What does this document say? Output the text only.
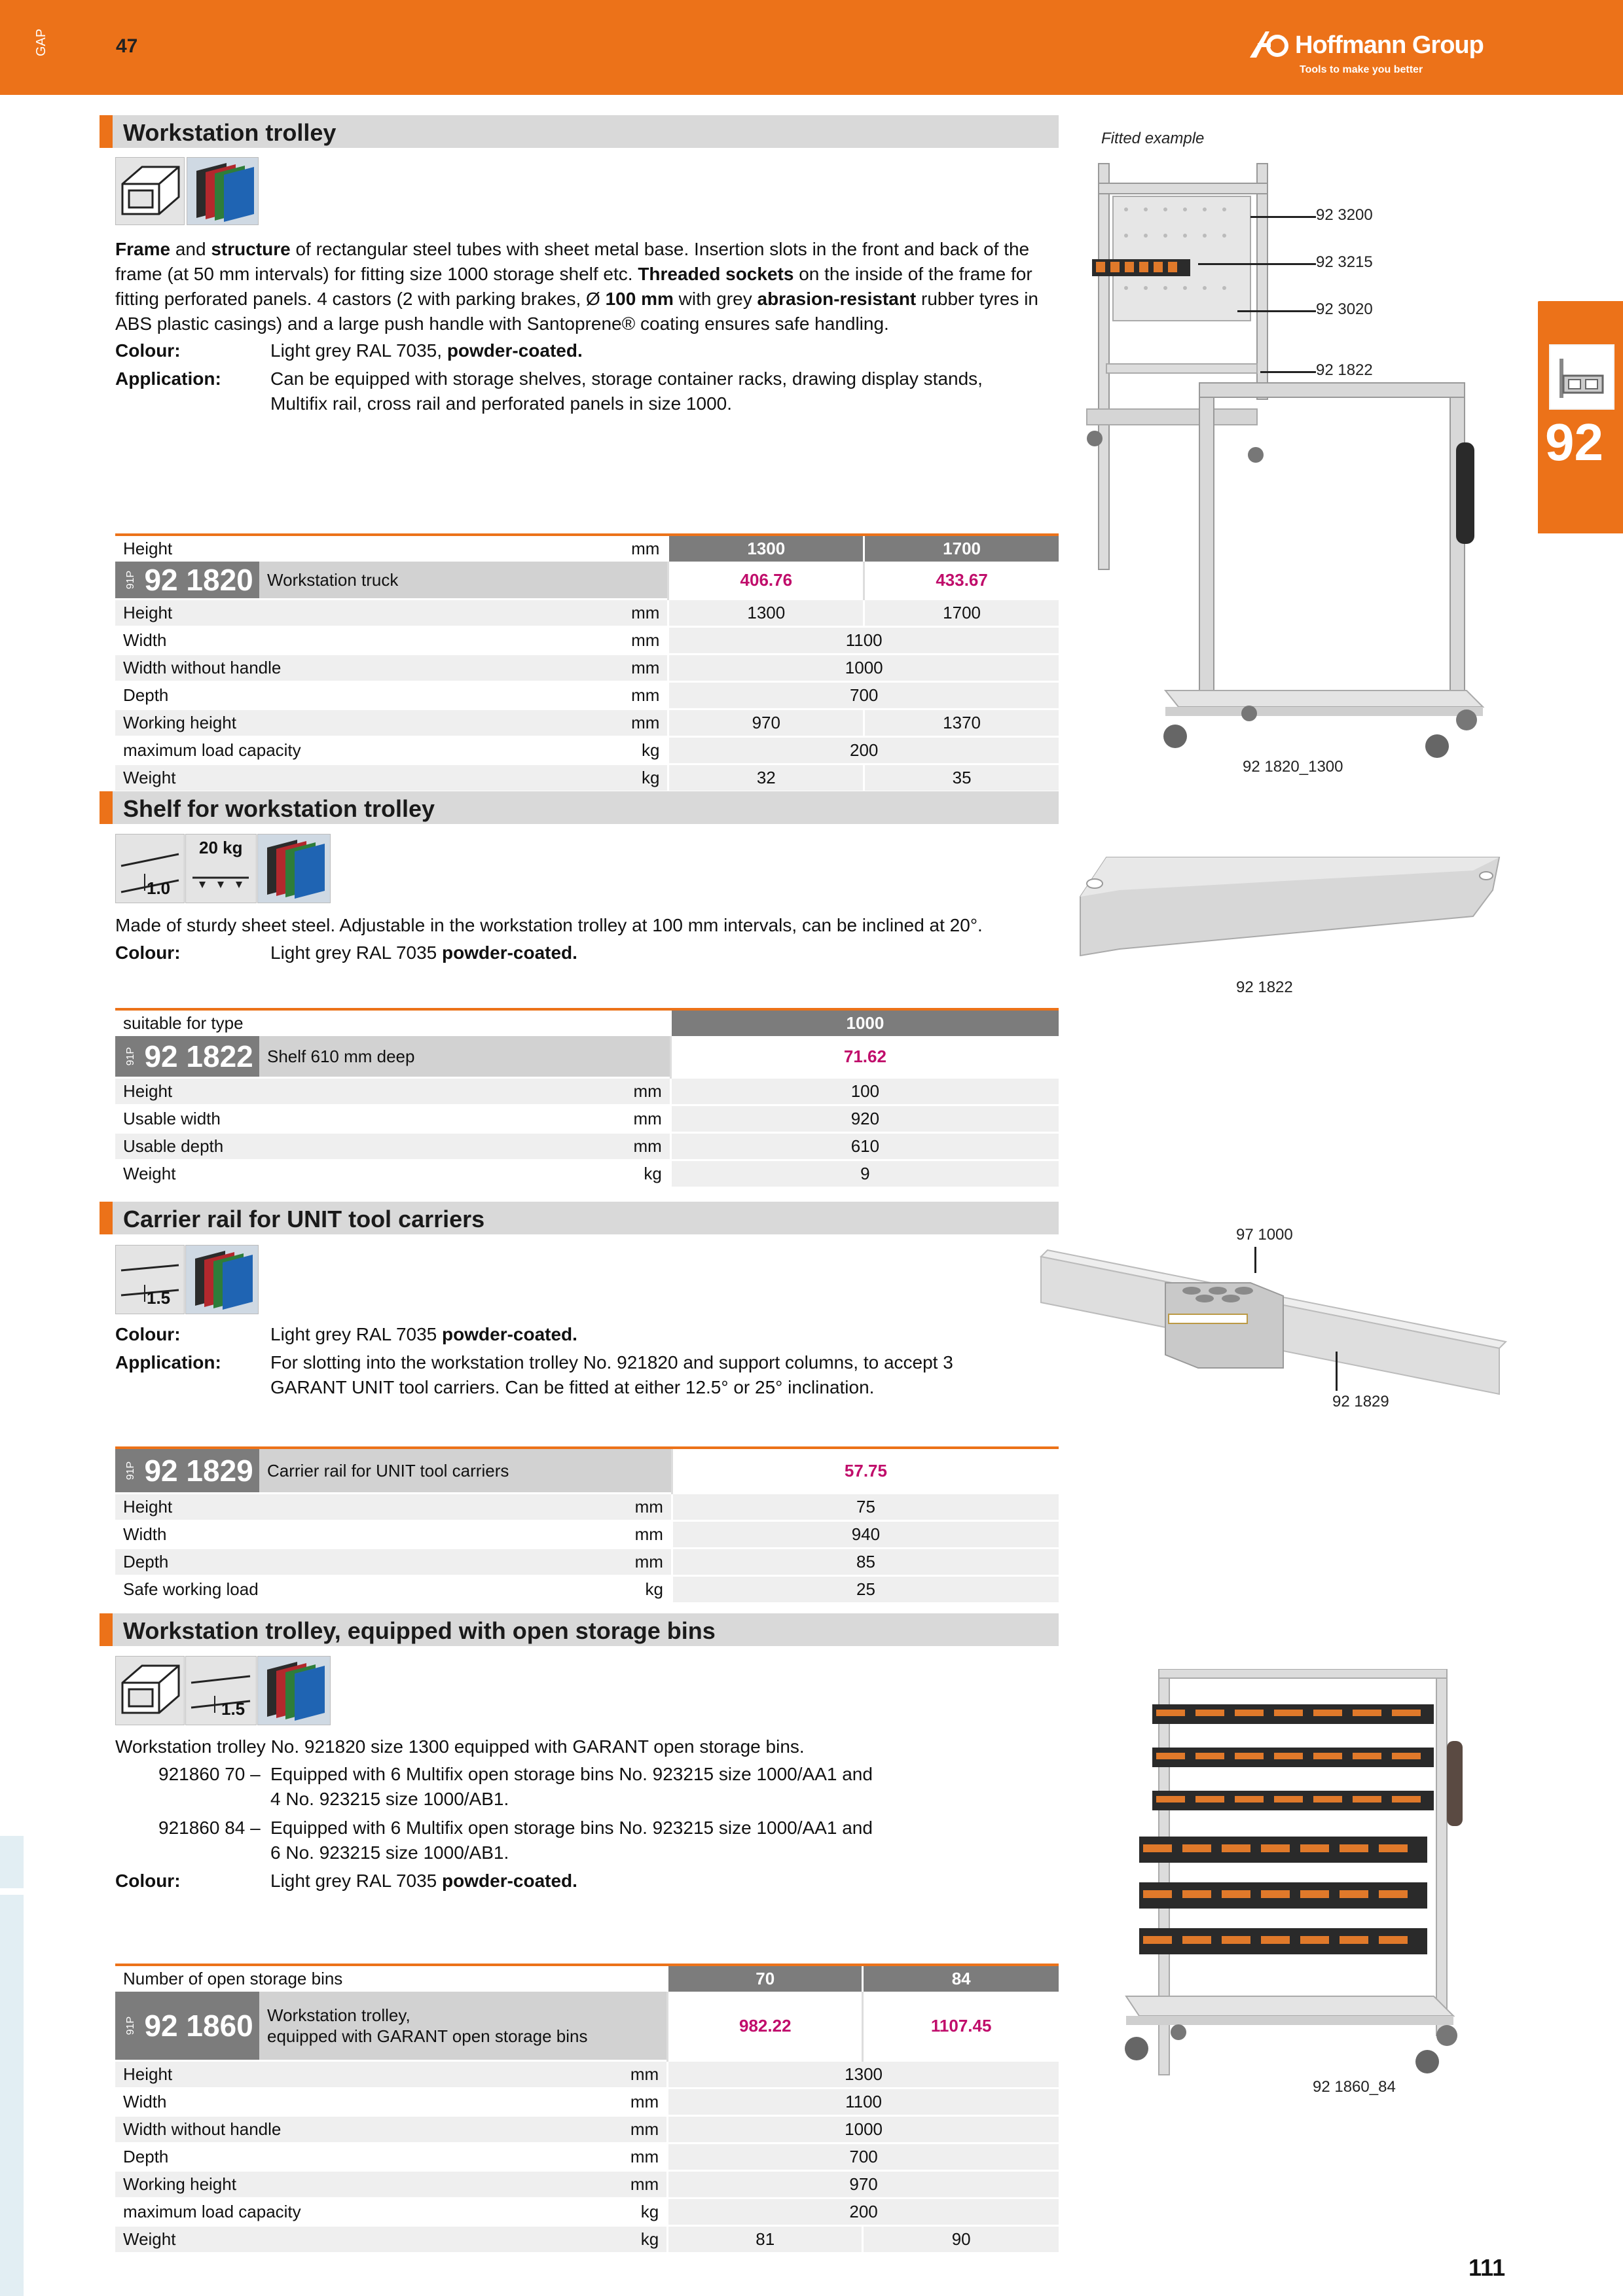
GAP	47	Hoffmann Group
Tools to make you better
92
Workstation trolley
Frame and structure of rectangular steel tubes with sheet metal base. Insertion slots in the front and back of the frame (at 50 mm intervals) for fitting size 1000 storage shelf etc. Threaded sockets on the inside of the frame for fitting perforated panels. 4 castors (2 with parking brakes, Ø 100 mm with grey abrasion-resistant rubber tyres in ABS plastic casings) and a large push handle with Santoprene® coating ensures safe handling.
Colour:	Light grey RAL 7035, powder-coated.
Application:	Can be equipped with storage shelves, storage container racks, drawing display stands, Multifix rail, cross rail and perforated panels in size 1000.
Height	mm	1300	1700

91P 92 1820 Workstation truck		406.76	433.67
Height	mm	1300	1700
Width	mm	1100	
Width without handle	mm	1000	
Depth	mm	700	
Working height	mm	970	1370
maximum load capacity	kg	200	
Weight	kg	32	35
Fitted example
92 3200
92 3215
92 3020
92 1822
92 1820_1300
Shelf for workstation trolley
1.0
20 kg
Made of sturdy sheet steel. Adjustable in the workstation trolley at 100 mm intervals, can be inclined at 20°.
Colour:	Light grey RAL 7035 powder-coated.
suitable for type		1000

91P 92 1822 Shelf 610 mm deep		71.62
Height	mm	100
Usable width	mm	920
Usable depth	mm	610
Weight	kg	9
92 1822
Carrier rail for UNIT tool carriers
1.5
Colour:	Light grey RAL 7035 powder-coated.
Application:	For slotting into the workstation trolley No. 921820 and support columns, to accept 3 GARANT UNIT tool carriers. Can be fitted at either 12.5° or 25° inclination.
91P 92 1829 Carrier rail for UNIT tool carriers		57.75
Height	mm	75
Width	mm	940
Depth	mm	85
Safe working load	kg	25
97 1000
92 1829
Workstation trolley, equipped with open storage bins
1.5
Workstation trolley No. 921820 size 1300 equipped with GARANT open storage bins.
921860 70 – Equipped with 6 Multifix open storage bins No. 923215 size 1000/AA1 and 4 No. 923215 size 1000/AB1.
921860 84 – Equipped with 6 Multifix open storage bins No. 923215 size 1000/AA1 and 6 No. 923215 size 1000/AB1.
Colour:	Light grey RAL 7035 powder-coated.
Number of open storage bins		70	84

91P 92 1860 Workstation trolley,
equipped with GARANT open storage bins		982.22	1107.45
Height	mm	1300	
Width	mm	1100	
Width without handle	mm	1000	
Depth	mm	700	
Working height	mm	970	
maximum load capacity	kg	200	
Weight	kg	81	90
92 1860_84
111
